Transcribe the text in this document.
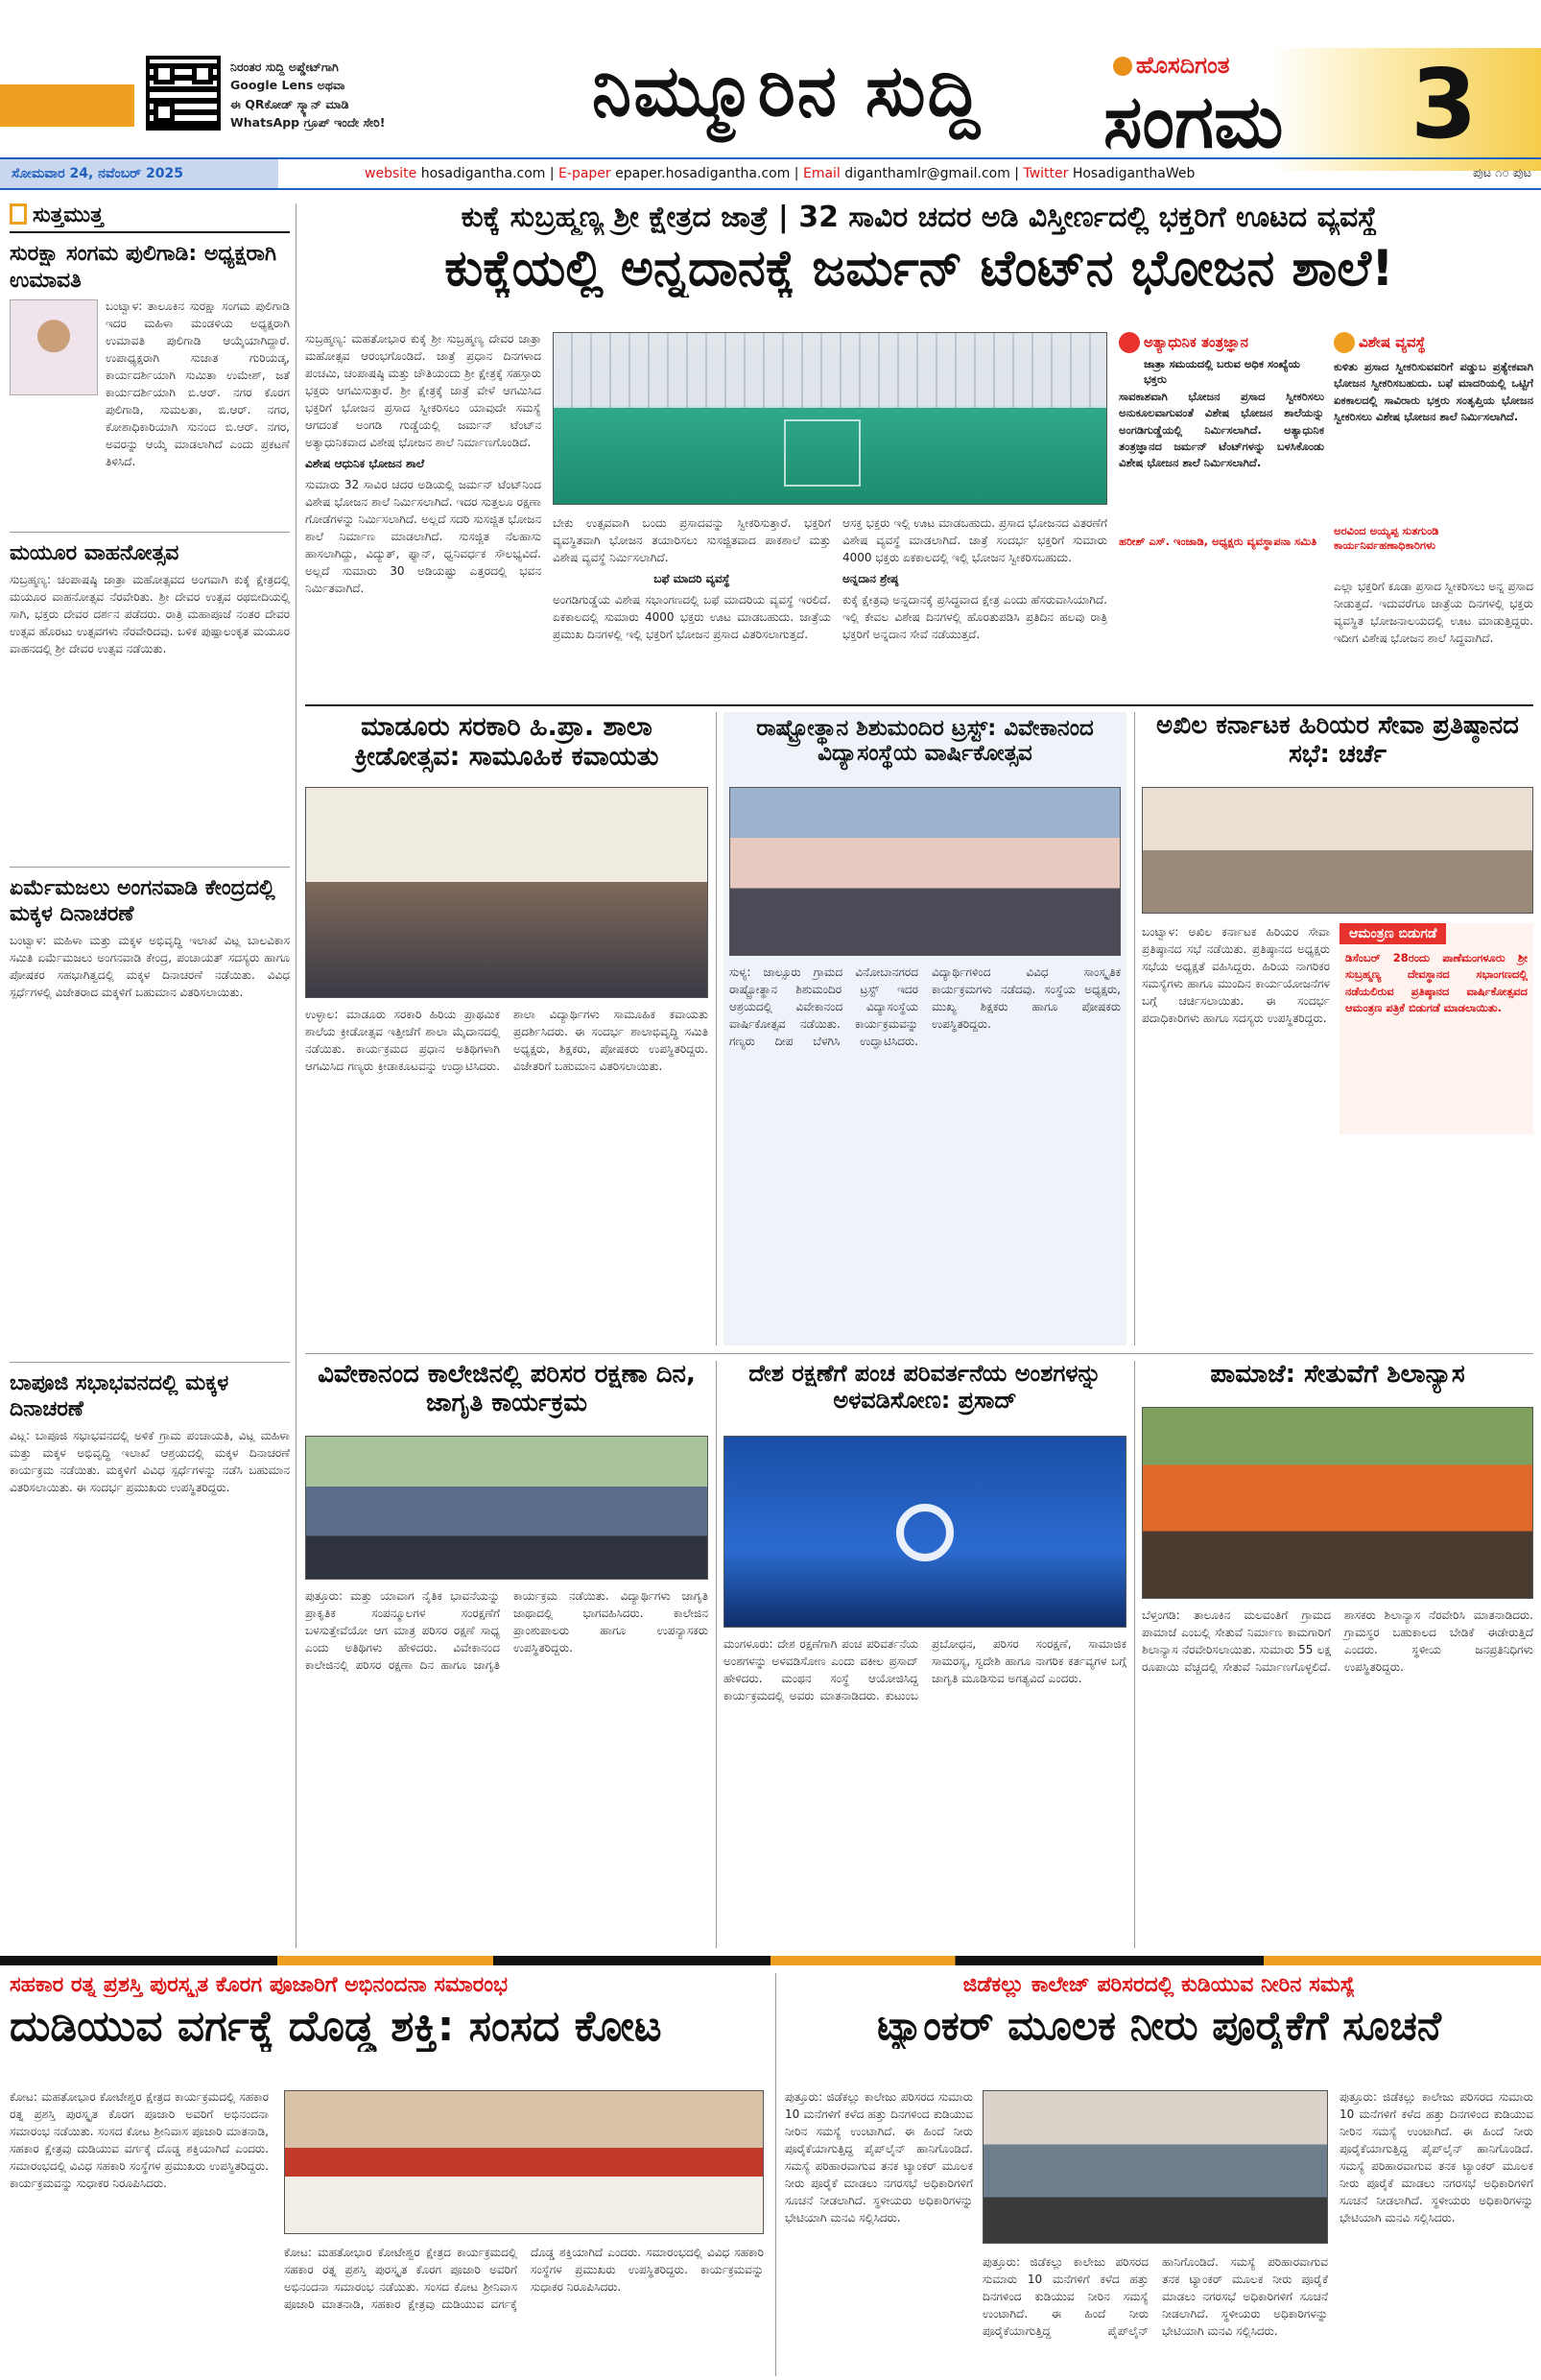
ನಿರಂತರ ಸುದ್ದಿ ಅಪ್ಡೇಟ್‌ಗಾಗಿ
Google Lens ಅಥವಾ
ಈ QRಕೋಡ್ ಸ್ಕ್ಯಾನ್ ಮಾಡಿ
WhatsApp ಗ್ರೂಪ್ ಇಂದೇ ಸೇರಿ!	ನಿಮ್ಮೂರಿನ ಸುದ್ದಿ	ಹೊಸದಿಗಂತ
ಸಂಗಮ 3
ಸೋಮವಾರ 24, ನವೆಂಬರ್ 2025	website hosadigantha.com | E-paper epaper.hosadigantha.com | Email diganthamlr@gmail.com | Twitter HosadiganthaWeb	ಪುಟ ೧೦ ಪುಟ
ಸುತ್ತಮುತ್ತ
ಸುರಕ್ಷಾ ಸಂಗಮ ಪುಲಿಗಾಡಿ: ಅಧ್ಯಕ್ಷರಾಗಿ ಉಮಾವತಿ
ಬಂಟ್ವಾಳ: ತಾಲೂಕಿನ ಸುರಕ್ಷಾ ಸಂಗಮ ಪುಲಿಗಾಡಿ ಇದರ ಮಹಿಳಾ ಮಂಡಳಿಯ ಅಧ್ಯಕ್ಷರಾಗಿ ಉಮಾವತಿ ಪುಲಿಗಾಡಿ ಆಯ್ಕೆಯಾಗಿದ್ದಾರೆ. ಉಪಾಧ್ಯಕ್ಷರಾಗಿ ಸುಜಾತ ಗುರಿಯಡ್ಕ, ಕಾರ್ಯದರ್ಶಿಯಾಗಿ ಸುಮಿತಾ ಉಮೇಶ್, ಜತೆ ಕಾರ್ಯದರ್ಶಿಯಾಗಿ ಬಿ.ಆರ್. ನಗರ ಕೊರಗ ಪುಲಿಗಾಡಿ, ಸುಮಲತಾ, ಬಿ.ಆರ್. ನಗರ, ಕೋಶಾಧಿಕಾರಿಯಾಗಿ ಸುನಂದ ಬಿ.ಆರ್. ನಗರ, ಅವರನ್ನು ಆಯ್ಕೆ ಮಾಡಲಾಗಿದೆ ಎಂದು ಪ್ರಕಟಣೆ ತಿಳಿಸಿದೆ.
ಮಯೂರ ವಾಹನೋತ್ಸವ
ಸುಬ್ರಹ್ಮಣ್ಯ: ಚಂಪಾಷಷ್ಠಿ ಜಾತ್ರಾ ಮಹೋತ್ಸವದ ಅಂಗವಾಗಿ ಕುಕ್ಕೆ ಕ್ಷೇತ್ರದಲ್ಲಿ ಮಯೂರ ವಾಹನೋತ್ಸವ ನೆರವೇರಿತು. ಶ್ರೀ ದೇವರ ಉತ್ಸವ ರಥಬೀದಿಯಲ್ಲಿ ಸಾಗಿ, ಭಕ್ತರು ದೇವರ ದರ್ಶನ ಪಡೆದರು. ರಾತ್ರಿ ಮಹಾಪೂಜೆ ನಂತರ ದೇವರ ಉತ್ಸವ ಹೊರಟು ಉತ್ಸವಗಳು ನೆರವೇರಿದವು. ಬಳಿಕ ಪುಷ್ಪಾಲಂಕೃತ ಮಯೂರ ವಾಹನದಲ್ಲಿ ಶ್ರೀ ದೇವರ ಉತ್ಸವ ನಡೆಯಿತು.
ಏರ್ಮೆಮಜಲು ಅಂಗನವಾಡಿ ಕೇಂದ್ರದಲ್ಲಿ ಮಕ್ಕಳ ದಿನಾಚರಣೆ
ಬಂಟ್ವಾಳ: ಮಹಿಳಾ ಮತ್ತು ಮಕ್ಕಳ ಅಭಿವೃದ್ಧಿ ಇಲಾಖೆ ವಿಟ್ಲ ಬಾಲವಿಕಾಸ ಸಮಿತಿ ಏರ್ಮೆಮಜಲು ಅಂಗನವಾಡಿ ಕೇಂದ್ರ, ಪಂಚಾಯತ್ ಸದಸ್ಯರು ಹಾಗೂ ಪೋಷಕರ ಸಹಭಾಗಿತ್ವದಲ್ಲಿ ಮಕ್ಕಳ ದಿನಾಚರಣೆ ನಡೆಯಿತು. ವಿವಿಧ ಸ್ಪರ್ಧೆಗಳಲ್ಲಿ ವಿಜೇತರಾದ ಮಕ್ಕಳಿಗೆ ಬಹುಮಾನ ವಿತರಿಸಲಾಯಿತು.
ಬಾಪೂಜಿ ಸಭಾಭವನದಲ್ಲಿ ಮಕ್ಕಳ ದಿನಾಚರಣೆ
ವಿಟ್ಲ: ಬಾಪೂಜಿ ಸಭಾಭವನದಲ್ಲಿ ಅಳಿಕೆ ಗ್ರಾಮ ಪಂಚಾಯತಿ, ವಿಟ್ಲ ಮಹಿಳಾ ಮತ್ತು ಮಕ್ಕಳ ಅಭಿವೃದ್ಧಿ ಇಲಾಖೆ ಆಶ್ರಯದಲ್ಲಿ ಮಕ್ಕಳ ದಿನಾಚರಣೆ ಕಾರ್ಯಕ್ರಮ ನಡೆಯಿತು. ಮಕ್ಕಳಿಗೆ ವಿವಿಧ ಸ್ಪರ್ಧೆಗಳನ್ನು ನಡೆಸಿ ಬಹುಮಾನ ವಿತರಿಸಲಾಯಿತು. ಈ ಸಂದರ್ಭ ಪ್ರಮುಖರು ಉಪಸ್ಥಿತರಿದ್ದರು.
ಕುಕ್ಕೆ ಸುಬ್ರಹ್ಮಣ್ಯ ಶ್ರೀ ಕ್ಷೇತ್ರದ ಜಾತ್ರೆ | 32 ಸಾವಿರ ಚದರ ಅಡಿ ವಿಸ್ತೀರ್ಣದಲ್ಲಿ ಭಕ್ತರಿಗೆ ಊಟದ ವ್ಯವಸ್ಥೆ
ಕುಕ್ಕೆಯಲ್ಲಿ ಅನ್ನದಾನಕ್ಕೆ ಜರ್ಮನ್ ಟೆಂಟ್‌ನ ಭೋಜನ ಶಾಲೆ!
ಸುಬ್ರಹ್ಮಣ್ಯ: ಮಹತೋಭಾರ ಕುಕ್ಕೆ ಶ್ರೀ ಸುಬ್ರಹ್ಮಣ್ಯ ದೇವರ ಜಾತ್ರಾ ಮಹೋತ್ಸವ ಆರಂಭಗೊಂಡಿದೆ. ಜಾತ್ರೆ ಪ್ರಧಾನ ದಿನಗಳಾದ ಪಂಚಮಿ, ಚಂಪಾಷಷ್ಠಿ ಮತ್ತು ಚೌತಿಯಂದು ಶ್ರೀ ಕ್ಷೇತ್ರಕ್ಕೆ ಸಹಸ್ರಾರು ಭಕ್ತರು ಆಗಮಿಸುತ್ತಾರೆ. ಶ್ರೀ ಕ್ಷೇತ್ರಕ್ಕೆ ಜಾತ್ರೆ ವೇಳೆ ಆಗಮಿಸಿದ ಭಕ್ತರಿಗೆ ಭೋಜನ ಪ್ರಸಾದ ಸ್ವೀಕರಿಸಲು ಯಾವುದೇ ಸಮಸ್ಯೆ ಆಗದಂತೆ ಅಂಗಡಿ ಗುಡ್ಡೆಯಲ್ಲಿ ಜರ್ಮನ್ ಟೆಂಟ್‌ನ ಅತ್ಯಾಧುನಿಕವಾದ ವಿಶೇಷ ಭೋಜನ ಶಾಲೆ ನಿರ್ಮಾಣಗೊಂಡಿದೆ.
ವಿಶೇಷ ಆಧುನಿಕ ಭೋಜನ ಶಾಲೆ
ಸುಮಾರು 32 ಸಾವಿರ ಚದರ ಅಡಿಯಲ್ಲಿ ಜರ್ಮನ್ ಟೆಂಟ್‌ನಿಂದ ವಿಶೇಷ ಭೋಜನ ಶಾಲೆ ನಿರ್ಮಿಸಲಾಗಿದೆ. ಇದರ ಸುತ್ತಲೂ ರಕ್ಷಣಾ ಗೋಡೆಗಳನ್ನು ನಿರ್ಮಿಸಲಾಗಿದೆ. ಅಲ್ಲದೆ ಸದರಿ ಸುಸಜ್ಜಿತ ಭೋಜನ ಶಾಲೆ ನಿರ್ಮಾಣ ಮಾಡಲಾಗಿದೆ. ಸುಸಜ್ಜಿತ ನೆಲಹಾಸು ಹಾಸಲಾಗಿದ್ದು, ವಿದ್ಯುತ್, ಫ್ಯಾನ್, ಧ್ವನಿವರ್ಧಕ ಸೌಲಭ್ಯವಿದೆ. ಅಲ್ಲದೆ ಸುಮಾರು 30 ಅಡಿಯಷ್ಟು ಎತ್ತರದಲ್ಲಿ ಭವನ ನಿರ್ಮಿತವಾಗಿದೆ.
ಬೇಕು ಉತ್ಸವವಾಗಿ ಬಂದು ಪ್ರಸಾದವನ್ನು ಸ್ವೀಕರಿಸುತ್ತಾರೆ. ಭಕ್ತರಿಗೆ ವ್ಯವಸ್ಥಿತವಾಗಿ ಭೋಜನ ತಯಾರಿಸಲು ಸುಸಜ್ಜಿತವಾದ ಪಾಕಶಾಲೆ ಮತ್ತು ವಿಶೇಷ ವ್ಯವಸ್ಥೆ ನಿರ್ಮಿಸಲಾಗಿದೆ.
ಬಫೆ ಮಾದರಿ ವ್ಯವಸ್ಥೆ
ಅಂಗಡಿಗುಡ್ಡೆಯ ವಿಶೇಷ ಸಭಾಂಗಣದಲ್ಲಿ ಬಫೆ ಮಾದರಿಯ ವ್ಯವಸ್ಥೆ ಇರಲಿದೆ. ಏಕಕಾಲದಲ್ಲಿ ಸುಮಾರು 4000 ಭಕ್ತರು ಊಟ ಮಾಡಬಹುದು. ಜಾತ್ರೆಯ ಪ್ರಮುಖ ದಿನಗಳಲ್ಲಿ ಇಲ್ಲಿ ಭಕ್ತರಿಗೆ ಭೋಜನ ಪ್ರಸಾದ ವಿತರಿಸಲಾಗುತ್ತದೆ.
ಆಸಕ್ತ ಭಕ್ತರು ಇಲ್ಲಿ ಊಟ ಮಾಡಬಹುದು. ಪ್ರಸಾದ ಭೋಜನದ ವಿತರಣೆಗೆ ವಿಶೇಷ ವ್ಯವಸ್ಥೆ ಮಾಡಲಾಗಿದೆ. ಜಾತ್ರೆ ಸಂದರ್ಭ ಭಕ್ತರಿಗೆ ಸುಮಾರು 4000 ಭಕ್ತರು ಏಕಕಾಲದಲ್ಲಿ ಇಲ್ಲಿ ಭೋಜನ ಸ್ವೀಕರಿಸಬಹುದು.
ಅನ್ನದಾನ ಶ್ರೇಷ್ಠ
ಕುಕ್ಕೆ ಕ್ಷೇತ್ರವು ಅನ್ನದಾನಕ್ಕೆ ಪ್ರಸಿದ್ಧವಾದ ಕ್ಷೇತ್ರ ಎಂದು ಹೆಸರುವಾಸಿಯಾಗಿದೆ. ಇಲ್ಲಿ ಕೇವಲ ವಿಶೇಷ ದಿನಗಳಲ್ಲಿ ಹೊರತುಪಡಿಸಿ ಪ್ರತಿದಿನ ಹಲವು ರಾತ್ರಿ ಭಕ್ತರಿಗೆ ಅನ್ನದಾನ ಸೇವೆ ನಡೆಯುತ್ತದೆ.
ಅತ್ಯಾಧುನಿಕ ತಂತ್ರಜ್ಞಾನ
ಜಾತ್ರಾ ಸಮಯದಲ್ಲಿ ಬರುವ ಅಧಿಕ ಸಂಖ್ಯೆಯ ಭಕ್ತರು
ಸಾವಕಾಶವಾಗಿ ಭೋಜನ ಪ್ರಸಾದ ಸ್ವೀಕರಿಸಲು ಅನುಕೂಲವಾಗುವಂತೆ ವಿಶೇಷ ಭೋಜನ ಶಾಲೆಯನ್ನು ಅಂಗಡಿಗುಡ್ಡೆಯಲ್ಲಿ ನಿರ್ಮಿಸಲಾಗಿದೆ. ಅತ್ಯಾಧುನಿಕ ತಂತ್ರಜ್ಞಾನದ ಜರ್ಮನ್ ಟೆಂಟ್‌ಗಳನ್ನು ಬಳಸಿಕೊಂಡು ವಿಶೇಷ ಭೋಜನ ಶಾಲೆ ನಿರ್ಮಿಸಲಾಗಿದೆ.
ಹರೀಶ್ ಎಸ್. ಇಂಜಾಡಿ, ಅಧ್ಯಕ್ಷರು ವ್ಯವಸ್ಥಾಪನಾ ಸಮಿತಿ
ವಿಶೇಷ ವ್ಯವಸ್ಥೆ
ಕುಳಿತು ಪ್ರಸಾದ ಸ್ವೀಕರಿಸುವವರಿಗೆ ಪಡ್ಡುಬ ಪ್ರತ್ಯೇಕವಾಗಿ ಭೋಜನ ಸ್ವೀಕರಿಸಬಹುದು. ಬಫೆ ಮಾದರಿಯಲ್ಲಿ ಒಟ್ಟಿಗೆ ಏಕಕಾಲದಲ್ಲಿ ಸಾವಿರಾರು ಭಕ್ತರು ಸಂತೃಪ್ತಿಯ ಭೋಜನ ಸ್ವೀಕರಿಸಲು ವಿಶೇಷ ಭೋಜನ ಶಾಲೆ ನಿರ್ಮಿಸಲಾಗಿದೆ.
ಅರವಿಂದ ಅಯ್ಯಪ್ಪ ಸುತಗುಂಡಿ ಕಾರ್ಯನಿರ್ವಹಣಾಧಿಕಾರಿಗಳು
ಎಲ್ಲಾ ಭಕ್ತರಿಗೆ ಕೂಡಾ ಪ್ರಸಾದ ಸ್ವೀಕರಿಸಲು ಅನ್ನ ಪ್ರಸಾದ ನೀಡುತ್ತದೆ. ಇದುವರೆಗೂ ಜಾತ್ರೆಯ ದಿನಗಳಲ್ಲಿ ಭಕ್ತರು ವ್ಯವಸ್ಥಿತ ಭೋಜನಾಲಯದಲ್ಲಿ ಊಟ ಮಾಡುತ್ತಿದ್ದರು. ಇದೀಗ ವಿಶೇಷ ಭೋಜನ ಶಾಲೆ ಸಿದ್ಧವಾಗಿದೆ.
ಮಾಡೂರು ಸರಕಾರಿ ಹಿ.ಪ್ರಾ. ಶಾಲಾ ಕ್ರೀಡೋತ್ಸವ: ಸಾಮೂಹಿಕ ಕವಾಯತು
ಉಳ್ಳಾಲ: ಮಾಡೂರು ಸರಕಾರಿ ಹಿರಿಯ ಪ್ರಾಥಮಿಕ ಶಾಲೆಯ ಕ್ರೀಡೋತ್ಸವ ಇತ್ತೀಚೆಗೆ ಶಾಲಾ ಮೈದಾನದಲ್ಲಿ ನಡೆಯಿತು. ಕಾರ್ಯಕ್ರಮದ ಪ್ರಧಾನ ಅತಿಥಿಗಳಾಗಿ ಆಗಮಿಸಿದ ಗಣ್ಯರು ಕ್ರೀಡಾಕೂಟವನ್ನು ಉದ್ಘಾಟಿಸಿದರು. ಶಾಲಾ ವಿದ್ಯಾರ್ಥಿಗಳು ಸಾಮೂಹಿಕ ಕವಾಯತು ಪ್ರದರ್ಶಿಸಿದರು. ಈ ಸಂದರ್ಭ ಶಾಲಾಭಿವೃದ್ಧಿ ಸಮಿತಿ ಅಧ್ಯಕ್ಷರು, ಶಿಕ್ಷಕರು, ಪೋಷಕರು ಉಪಸ್ಥಿತರಿದ್ದರು. ವಿಜೇತರಿಗೆ ಬಹುಮಾನ ವಿತರಿಸಲಾಯಿತು.
ರಾಷ್ಟ್ರೋತ್ಥಾನ ಶಿಶುಮಂದಿರ ಟ್ರಸ್ಟ್: ವಿವೇಕಾನಂದ ವಿದ್ಯಾಸಂಸ್ಥೆಯ ವಾರ್ಷಿಕೋತ್ಸವ
ಸುಳ್ಯ: ಜಾಲ್ಸೂರು ಗ್ರಾಮದ ವಿನೋಬಾನಗರದ ರಾಷ್ಟ್ರೋತ್ಥಾನ ಶಿಶುಮಂದಿರ ಟ್ರಸ್ಟ್ ಇದರ ಆಶ್ರಯದಲ್ಲಿ ವಿವೇಕಾನಂದ ವಿದ್ಯಾಸಂಸ್ಥೆಯ ವಾರ್ಷಿಕೋತ್ಸವ ನಡೆಯಿತು. ಕಾರ್ಯಕ್ರಮವನ್ನು ಗಣ್ಯರು ದೀಪ ಬೆಳಗಿಸಿ ಉದ್ಘಾಟಿಸಿದರು. ವಿದ್ಯಾರ್ಥಿಗಳಿಂದ ವಿವಿಧ ಸಾಂಸ್ಕೃತಿಕ ಕಾರ್ಯಕ್ರಮಗಳು ನಡೆದವು. ಸಂಸ್ಥೆಯ ಅಧ್ಯಕ್ಷರು, ಮುಖ್ಯ ಶಿಕ್ಷಕರು ಹಾಗೂ ಪೋಷಕರು ಉಪಸ್ಥಿತರಿದ್ದರು.
ಅಖಿಲ ಕರ್ನಾಟಕ ಹಿರಿಯರ ಸೇವಾ ಪ್ರತಿಷ್ಠಾನದ ಸಭೆ: ಚರ್ಚೆ
ಬಂಟ್ವಾಳ: ಅಖಿಲ ಕರ್ನಾಟಕ ಹಿರಿಯರ ಸೇವಾ ಪ್ರತಿಷ್ಠಾನದ ಸಭೆ ನಡೆಯಿತು. ಪ್ರತಿಷ್ಠಾನದ ಅಧ್ಯಕ್ಷರು ಸಭೆಯ ಅಧ್ಯಕ್ಷತೆ ವಹಿಸಿದ್ದರು. ಹಿರಿಯ ನಾಗರಿಕರ ಸಮಸ್ಯೆಗಳು ಹಾಗೂ ಮುಂದಿನ ಕಾರ್ಯಯೋಜನೆಗಳ ಬಗ್ಗೆ ಚರ್ಚಿಸಲಾಯಿತು. ಈ ಸಂದರ್ಭ ಪದಾಧಿಕಾರಿಗಳು ಹಾಗೂ ಸದಸ್ಯರು ಉಪಸ್ಥಿತರಿದ್ದರು.
ಆಮಂತ್ರಣ ಬಿಡುಗಡೆ
ಡಿಸೆಂಬರ್ 28ರಂದು ಪಾಣೆಮಂಗಳೂರು ಶ್ರೀ ಸುಬ್ರಹ್ಮಣ್ಯ ದೇವಸ್ಥಾನದ ಸಭಾಂಗಣದಲ್ಲಿ ನಡೆಯಲಿರುವ ಪ್ರತಿಷ್ಠಾನದ ವಾರ್ಷಿಕೋತ್ಸವದ ಆಮಂತ್ರಣ ಪತ್ರಿಕೆ ಬಿಡುಗಡೆ ಮಾಡಲಾಯಿತು.
ವಿವೇಕಾನಂದ ಕಾಲೇಜಿನಲ್ಲಿ ಪರಿಸರ ರಕ್ಷಣಾ ದಿನ, ಜಾಗೃತಿ ಕಾರ್ಯಕ್ರಮ
ಪುತ್ತೂರು: ಮತ್ತು ಯಾವಾಗ ನೈತಿಕ ಭಾವನೆಯನ್ನು ಪ್ರಾಕೃತಿಕ ಸಂಪನ್ಮೂಲಗಳ ಸಂರಕ್ಷಣೆಗೆ ಬಳಸುತ್ತೇವೆಯೋ ಆಗ ಮಾತ್ರ ಪರಿಸರ ರಕ್ಷಣೆ ಸಾಧ್ಯ ಎಂದು ಅತಿಥಿಗಳು ಹೇಳಿದರು. ವಿವೇಕಾನಂದ ಕಾಲೇಜಿನಲ್ಲಿ ಪರಿಸರ ರಕ್ಷಣಾ ದಿನ ಹಾಗೂ ಜಾಗೃತಿ ಕಾರ್ಯಕ್ರಮ ನಡೆಯಿತು. ವಿದ್ಯಾರ್ಥಿಗಳು ಜಾಗೃತಿ ಜಾಥಾದಲ್ಲಿ ಭಾಗವಹಿಸಿದರು. ಕಾಲೇಜಿನ ಪ್ರಾಂಶುಪಾಲರು ಹಾಗೂ ಉಪನ್ಯಾಸಕರು ಉಪಸ್ಥಿತರಿದ್ದರು.
ದೇಶ ರಕ್ಷಣೆಗೆ ಪಂಚ ಪರಿವರ್ತನೆಯ ಅಂಶಗಳನ್ನು ಅಳವಡಿಸೋಣ: ಪ್ರಸಾದ್
ಮಂಗಳೂರು: ದೇಶ ರಕ್ಷಣೆಗಾಗಿ ಪಂಚ ಪರಿವರ್ತನೆಯ ಅಂಶಗಳನ್ನು ಅಳವಡಿಸೋಣ ಎಂದು ವಕೀಲ ಪ್ರಸಾದ್ ಹೇಳಿದರು. ಮಂಥನ ಸಂಸ್ಥೆ ಆಯೋಜಿಸಿದ್ದ ಕಾರ್ಯಕ್ರಮದಲ್ಲಿ ಅವರು ಮಾತನಾಡಿದರು. ಕುಟುಂಬ ಪ್ರಬೋಧನ, ಪರಿಸರ ಸಂರಕ್ಷಣೆ, ಸಾಮಾಜಿಕ ಸಾಮರಸ್ಯ, ಸ್ವದೇಶಿ ಹಾಗೂ ನಾಗರಿಕ ಕರ್ತವ್ಯಗಳ ಬಗ್ಗೆ ಜಾಗೃತಿ ಮೂಡಿಸುವ ಅಗತ್ಯವಿದೆ ಎಂದರು.
ಪಾಮಾಜೆ: ಸೇತುವೆಗೆ ಶಿಲಾನ್ಯಾಸ
ಬೆಳ್ತಂಗಡಿ: ತಾಲೂಕಿನ ಮಲವಂತಿಗೆ ಗ್ರಾಮದ ಪಾಮಾಜೆ ಎಂಬಲ್ಲಿ ಸೇತುವೆ ನಿರ್ಮಾಣ ಕಾಮಗಾರಿಗೆ ಶಿಲಾನ್ಯಾಸ ನೆರವೇರಿಸಲಾಯಿತು. ಸುಮಾರು 55 ಲಕ್ಷ ರೂಪಾಯಿ ವೆಚ್ಚದಲ್ಲಿ ಸೇತುವೆ ನಿರ್ಮಾಣಗೊಳ್ಳಲಿದೆ. ಶಾಸಕರು ಶಿಲಾನ್ಯಾಸ ನೆರವೇರಿಸಿ ಮಾತನಾಡಿದರು. ಗ್ರಾಮಸ್ಥರ ಬಹುಕಾಲದ ಬೇಡಿಕೆ ಈಡೇರುತ್ತಿದೆ ಎಂದರು. ಸ್ಥಳೀಯ ಜನಪ್ರತಿನಿಧಿಗಳು ಉಪಸ್ಥಿತರಿದ್ದರು.
ಸಹಕಾರ ರತ್ನ ಪ್ರಶಸ್ತಿ ಪುರಸ್ಕೃತ ಕೊರಗ ಪೂಜಾರಿಗೆ ಅಭಿನಂದನಾ ಸಮಾರಂಭ
ದುಡಿಯುವ ವರ್ಗಕ್ಕೆ ದೊಡ್ಡ ಶಕ್ತಿ: ಸಂಸದ ಕೋಟ
ಕೋಟ: ಮಹತೋಭಾರ ಕೋಟೇಶ್ವರ ಕ್ಷೇತ್ರದ ಕಾರ್ಯಕ್ರಮದಲ್ಲಿ ಸಹಕಾರ ರತ್ನ ಪ್ರಶಸ್ತಿ ಪುರಸ್ಕೃತ ಕೊರಗ ಪೂಜಾರಿ ಅವರಿಗೆ ಅಭಿನಂದನಾ ಸಮಾರಂಭ ನಡೆಯಿತು. ಸಂಸದ ಕೋಟ ಶ್ರೀನಿವಾಸ ಪೂಜಾರಿ ಮಾತನಾಡಿ, ಸಹಕಾರ ಕ್ಷೇತ್ರವು ದುಡಿಯುವ ವರ್ಗಕ್ಕೆ ದೊಡ್ಡ ಶಕ್ತಿಯಾಗಿದೆ ಎಂದರು. ಸಮಾರಂಭದಲ್ಲಿ ವಿವಿಧ ಸಹಕಾರಿ ಸಂಸ್ಥೆಗಳ ಪ್ರಮುಖರು ಉಪಸ್ಥಿತರಿದ್ದರು. ಕಾರ್ಯಕ್ರಮವನ್ನು ಸುಧಾಕರ ನಿರೂಪಿಸಿದರು.
ಕೋಟ: ಮಹತೋಭಾರ ಕೋಟೇಶ್ವರ ಕ್ಷೇತ್ರದ ಕಾರ್ಯಕ್ರಮದಲ್ಲಿ ಸಹಕಾರ ರತ್ನ ಪ್ರಶಸ್ತಿ ಪುರಸ್ಕೃತ ಕೊರಗ ಪೂಜಾರಿ ಅವರಿಗೆ ಅಭಿನಂದನಾ ಸಮಾರಂಭ ನಡೆಯಿತು. ಸಂಸದ ಕೋಟ ಶ್ರೀನಿವಾಸ ಪೂಜಾರಿ ಮಾತನಾಡಿ, ಸಹಕಾರ ಕ್ಷೇತ್ರವು ದುಡಿಯುವ ವರ್ಗಕ್ಕೆ ದೊಡ್ಡ ಶಕ್ತಿಯಾಗಿದೆ ಎಂದರು. ಸಮಾರಂಭದಲ್ಲಿ ವಿವಿಧ ಸಹಕಾರಿ ಸಂಸ್ಥೆಗಳ ಪ್ರಮುಖರು ಉಪಸ್ಥಿತರಿದ್ದರು. ಕಾರ್ಯಕ್ರಮವನ್ನು ಸುಧಾಕರ ನಿರೂಪಿಸಿದರು.
ಜಿಡೆಕಲ್ಲು ಕಾಲೇಜ್ ಪರಿಸರದಲ್ಲಿ ಕುಡಿಯುವ ನೀರಿನ ಸಮಸ್ಯೆ
ಟ್ಯಾಂಕರ್ ಮೂಲಕ ನೀರು ಪೂರೈಕೆಗೆ ಸೂಚನೆ
ಪುತ್ತೂರು: ಜಿಡೆಕಲ್ಲು ಕಾಲೇಜು ಪರಿಸರದ ಸುಮಾರು 10 ಮನೆಗಳಿಗೆ ಕಳೆದ ಹತ್ತು ದಿನಗಳಿಂದ ಕುಡಿಯುವ ನೀರಿನ ಸಮಸ್ಯೆ ಉಂಟಾಗಿದೆ. ಈ ಹಿಂದೆ ನೀರು ಪೂರೈಕೆಯಾಗುತ್ತಿದ್ದ ಪೈಪ್‌ಲೈನ್ ಹಾನಿಗೊಂಡಿದೆ. ಸಮಸ್ಯೆ ಪರಿಹಾರವಾಗುವ ತನಕ ಟ್ಯಾಂಕರ್ ಮೂಲಕ ನೀರು ಪೂರೈಕೆ ಮಾಡಲು ನಗರಸಭೆ ಅಧಿಕಾರಿಗಳಿಗೆ ಸೂಚನೆ ನೀಡಲಾಗಿದೆ. ಸ್ಥಳೀಯರು ಅಧಿಕಾರಿಗಳನ್ನು ಭೇಟಿಯಾಗಿ ಮನವಿ ಸಲ್ಲಿಸಿದರು.
ಪುತ್ತೂರು: ಜಿಡೆಕಲ್ಲು ಕಾಲೇಜು ಪರಿಸರದ ಸುಮಾರು 10 ಮನೆಗಳಿಗೆ ಕಳೆದ ಹತ್ತು ದಿನಗಳಿಂದ ಕುಡಿಯುವ ನೀರಿನ ಸಮಸ್ಯೆ ಉಂಟಾಗಿದೆ. ಈ ಹಿಂದೆ ನೀರು ಪೂರೈಕೆಯಾಗುತ್ತಿದ್ದ ಪೈಪ್‌ಲೈನ್ ಹಾನಿಗೊಂಡಿದೆ. ಸಮಸ್ಯೆ ಪರಿಹಾರವಾಗುವ ತನಕ ಟ್ಯಾಂಕರ್ ಮೂಲಕ ನೀರು ಪೂರೈಕೆ ಮಾಡಲು ನಗರಸಭೆ ಅಧಿಕಾರಿಗಳಿಗೆ ಸೂಚನೆ ನೀಡಲಾಗಿದೆ. ಸ್ಥಳೀಯರು ಅಧಿಕಾರಿಗಳನ್ನು ಭೇಟಿಯಾಗಿ ಮನವಿ ಸಲ್ಲಿಸಿದರು.
ಪುತ್ತೂರು: ಜಿಡೆಕಲ್ಲು ಕಾಲೇಜು ಪರಿಸರದ ಸುಮಾರು 10 ಮನೆಗಳಿಗೆ ಕಳೆದ ಹತ್ತು ದಿನಗಳಿಂದ ಕುಡಿಯುವ ನೀರಿನ ಸಮಸ್ಯೆ ಉಂಟಾಗಿದೆ. ಈ ಹಿಂದೆ ನೀರು ಪೂರೈಕೆಯಾಗುತ್ತಿದ್ದ ಪೈಪ್‌ಲೈನ್ ಹಾನಿಗೊಂಡಿದೆ. ಸಮಸ್ಯೆ ಪರಿಹಾರವಾಗುವ ತನಕ ಟ್ಯಾಂಕರ್ ಮೂಲಕ ನೀರು ಪೂರೈಕೆ ಮಾಡಲು ನಗರಸಭೆ ಅಧಿಕಾರಿಗಳಿಗೆ ಸೂಚನೆ ನೀಡಲಾಗಿದೆ. ಸ್ಥಳೀಯರು ಅಧಿಕಾರಿಗಳನ್ನು ಭೇಟಿಯಾಗಿ ಮನವಿ ಸಲ್ಲಿಸಿದರು.
